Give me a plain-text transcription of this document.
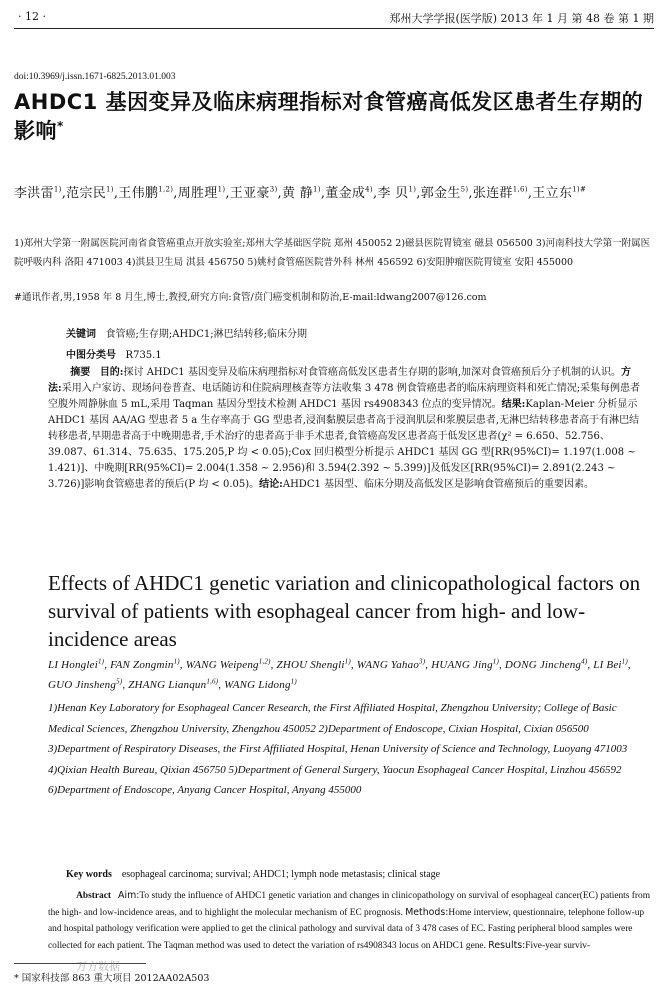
· 12 ·	郑州大学学报(医学版) 2013 年 1 月 第 48 卷 第 1 期
doi:10.3969/j.issn.1671-6825.2013.01.003
AHDC1 基因变异及临床病理指标对食管癌高低发区患者生存期的影响*
李洪雷$^{1)}$,范宗民$^{1)}$,王伟鹏$^{1,2)}$,周胜理$^{1)}$,王亚豪$^{3)}$,黄 静$^{1)}$,董金成$^{4)}$,李 贝$^{1)}$,郭金生$^{5)}$,张连群$^{1,6)}$,王立东$^{1)\#}$
1)郑州大学第一附属医院河南省食管癌重点开放实验室;郑州大学基础医学院 郑州 450052 2)磁县医院胃镜室 磁县 056500 3)河南科技大学第一附属医院呼吸内科 洛阳 471003 4)淇县卫生局 淇县 456750 5)姚村食管癌医院普外科 林州 456592 6)安阳肿瘤医院胃镜室 安阳 455000
#通讯作者,男,1958 年 8 月生,博士,教授,研究方向:食管/贲门癌变机制和防治,E-mail:ldwang2007@126.com
关键词 食管癌;生存期;AHDC1;淋巴结转移;临床分期
中图分类号 R735.1
摘要 目的:探讨 AHDC1 基因变异及临床病理指标对食管癌高低发区患者生存期的影响,加深对食管癌预后分子机制的认识。方法:采用入户家访、现场问卷普查、电话随访和住院病理核查等方法收集 3 478 例食管癌患者的临床病理资料和死亡情况;采集每例患者空腹外周静脉血 5 mL,采用 Taqman 基因分型技术检测 AHDC1 基因 rs4908343 位点的变异情况。结果:Kaplan-Meier 分析显示 AHDC1 基因 AA/AG 型患者 5 a 生存率高于 GG 型患者,浸润黏膜层患者高于浸润肌层和浆膜层患者,无淋巴结转移患者高于有淋巴结转移患者,早期患者高于中晚期患者,手术治疗的患者高于非手术患者,食管癌高发区患者高于低发区患者(χ² = 6.650、52.756、39.087、61.314、75.635、175.205,P 均 < 0.05);Cox 回归模型分析提示 AHDC1 基因 GG 型[RR(95%CI)= 1.197(1.008 ~ 1.421)]、中晚期[RR(95%CI)= 2.004(1.358 ~ 2.956)和 3.594(2.392 ~ 5.399)]及低发区[RR(95%CI)= 2.891(2.243 ~ 3.726)]影响食管癌患者的预后(P 均 < 0.05)。结论:AHDC1 基因型、临床分期及高低发区是影响食管癌预后的重要因素。
Effects of AHDC1 genetic variation and clinicopathological factors on survival of patients with esophageal cancer from high- and low-incidence areas
LI Honglei$^{1)}$, FAN Zongmin$^{1)}$, WANG Weipeng$^{1,2)}$, ZHOU Shengli$^{1)}$, WANG Yahao$^{3)}$, HUANG Jing$^{1)}$, DONG Jincheng$^{4)}$, LI Bei$^{1)}$, GUO Jinsheng$^{5)}$, ZHANG Lianqun$^{1,6)}$, WANG Lidong$^{1)}$
1)Henan Key Laboratory for Esophageal Cancer Research, the First Affiliated Hospital, Zhengzhou University; College of Basic Medical Sciences, Zhengzhou University, Zhengzhou 450052 2)Department of Endoscope, Cixian Hospital, Cixian 056500 3)Department of Respiratory Diseases, the First Affiliated Hospital, Henan University of Science and Technology, Luoyang 471003 4)Qixian Health Bureau, Qixian 456750 5)Department of General Surgery, Yaocun Esophageal Cancer Hospital, Linzhou 456592 6)Department of Endoscope, Anyang Cancer Hospital, Anyang 455000
Key words esophageal carcinoma; survival; AHDC1; lymph node metastasis; clinical stage
Abstract Aim:To study the influence of AHDC1 genetic variation and changes in clinicopathology on survival of esophageal cancer(EC) patients from the high- and low-incidence areas, and to highlight the molecular mechanism of EC prognosis. Methods:Home interview, questionnaire, telephone follow-up and hospital pathology verification were applied to get the clinical pathology and survival data of 3 478 cases of EC. Fasting peripheral blood samples were collected for each patient. The Taqman method was used to detect the variation of rs4908343 locus on AHDC1 gene. Results:Five-year surviv-
万方数据
* 国家科技部 863 重大项目 2012AA02A503
